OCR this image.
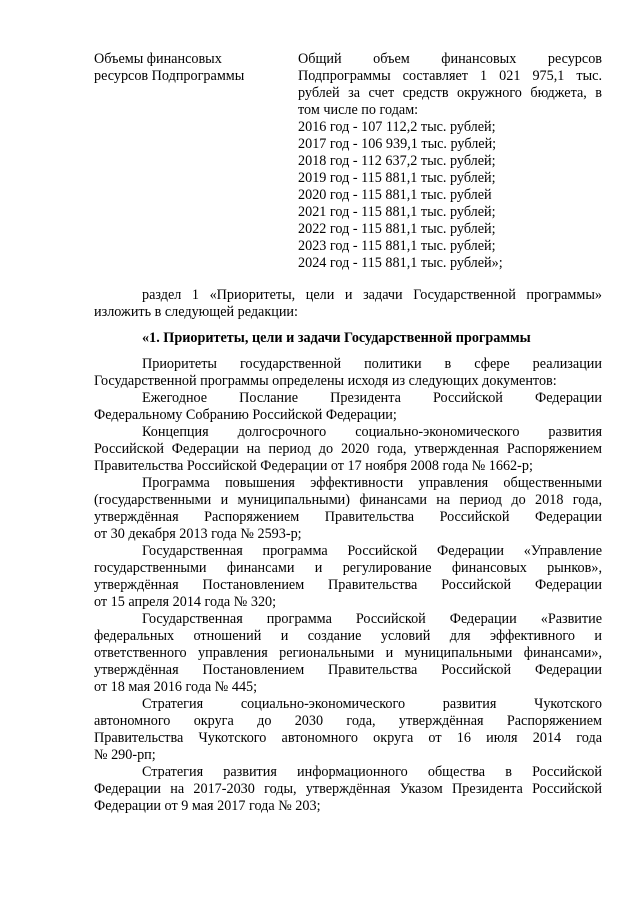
Объемы финансовых
ресурсов Подпрограммы
Общий объем финансовых ресурсов
Подпрограммы составляет 1 021 975,1 тыс.
рублей за счет средств окружного бюджета, в
том числе по годам:
2016 год - 107 112,2 тыс. рублей;
2017 год - 106 939,1 тыс. рублей;
2018 год - 112 637,2 тыс. рублей;
2019 год - 115 881,1 тыс. рублей;
2020 год - 115 881,1 тыс. рублей
2021 год - 115 881,1 тыс. рублей;
2022 год - 115 881,1 тыс. рублей;
2023 год - 115 881,1 тыс. рублей;
2024 год - 115 881,1 тыс. рублей»;
раздел 1 «Приоритеты, цели и задачи Государственной программы»
изложить в следующей редакции:
«1. Приоритеты, цели и задачи Государственной программы
Приоритеты государственной политики в сфере реализации
Государственной программы определены исходя из следующих документов:
Ежегодное Послание Президента Российской Федерации
Федеральному Собранию Российской Федерации;
Концепция долгосрочного социально-экономического развития
Российской Федерации на период до 2020 года, утвержденная Распоряжением
Правительства Российской Федерации от 17 ноября 2008 года № 1662-р;
Программа повышения эффективности управления общественными
(государственными и муниципальными) финансами на период до 2018 года,
утверждённая Распоряжением Правительства Российской Федерации
от 30 декабря 2013 года № 2593-р;
Государственная программа Российской Федерации «Управление
государственными финансами и регулирование финансовых рынков»,
утверждённая Постановлением Правительства Российской Федерации
от 15 апреля 2014 года № 320;
Государственная программа Российской Федерации «Развитие
федеральных отношений и создание условий для эффективного и
ответственного управления региональными и муниципальными финансами»,
утверждённая Постановлением Правительства Российской Федерации
от 18 мая 2016 года № 445;
Стратегия социально-экономического развития Чукотского
автономного округа до 2030 года, утверждённая Распоряжением
Правительства Чукотского автономного округа от 16 июля 2014 года
№ 290-рп;
Стратегия развития информационного общества в Российской
Федерации на 2017-2030 годы, утверждённая Указом Президента Российской
Федерации от 9 мая 2017 года № 203;
